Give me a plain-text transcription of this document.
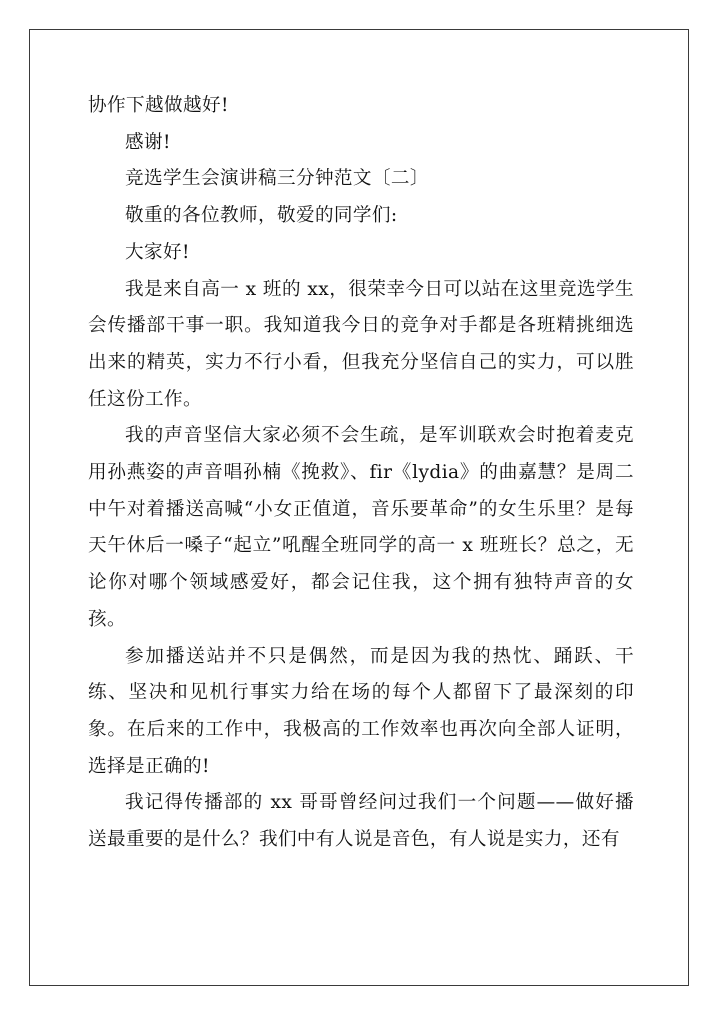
协作下越做越好!

感谢!

竞选学生会演讲稿三分钟范文〔二〕

敬重的各位教师，敬爱的同学们:

大家好!

我是来自高一 x 班的 xx，很荣幸今日可以站在这里竞选学生会传播部干事一职。我知道我今日的竞争对手都是各班精挑细选出来的精英，实力不行小看，但我充分坚信自己的实力，可以胜任这份工作。

我的声音坚信大家必须不会生疏，是军训联欢会时抱着麦克用孙燕姿的声音唱孙楠《挽救》、fir《lydia》的曲嘉慧？是周二中午对着播送高喊“小女正值道，音乐要革命”的女生乐里？是每天午休后一嗓子“起立”吼醒全班同学的高一 x 班班长？总之，无论你对哪个领域感爱好，都会记住我，这个拥有独特声音的女孩。

参加播送站并不只是偶然，而是因为我的热忱、踊跃、干练、坚决和见机行事实力给在场的每个人都留下了最深刻的印象。在后来的工作中，我极高的工作效率也再次向全部人证明，选择是正确的!

我记得传播部的 xx 哥哥曾经问过我们一个问题——做好播送最重要的是什么？我们中有人说是音色，有人说是实力，还有
